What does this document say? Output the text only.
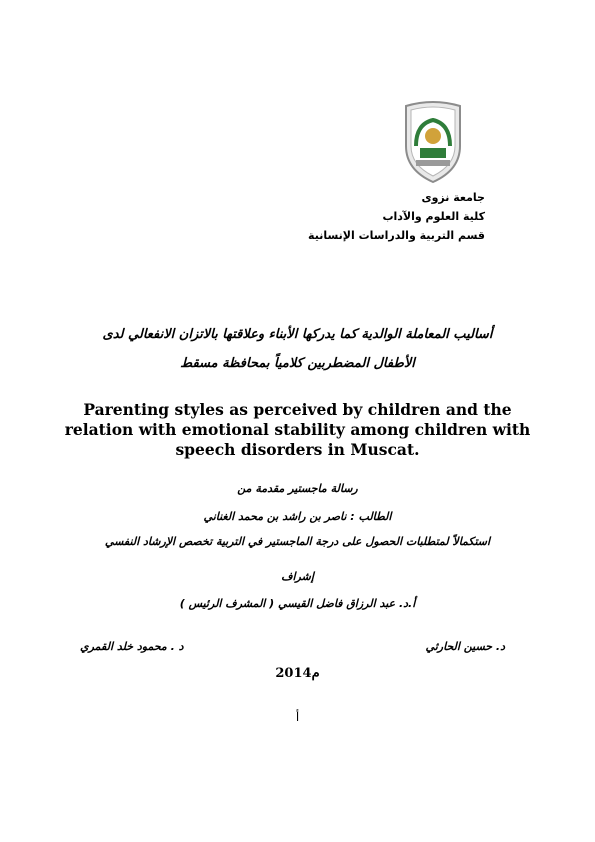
جامعة نزوى
كلية العلوم والآداب
قسم التربية والدراسات الإنسانية
أساليب المعاملة الوالدية كما يدركها الأبناء وعلاقتها بالاتزان الانفعالي لدى
الأطفال المضطربين كلامياً بمحافظة مسقط
Parenting styles as perceived by children and the relation with emotional stability among children with speech disorders in Muscat.
رسالة ماجستير مقدمة من
الطالب : ناصر بن راشد بن محمد الغناني
استكمالاً لمتطلبات الحصول على درجة الماجستير في التربية تخصص الإرشاد النفسي
إشراف
أ.د. عبد الرزاق فاضل القيسي ( المشرف الرئيس )
د. حسين الحارثي
د . محمود خلد القمري
2014م
أ
